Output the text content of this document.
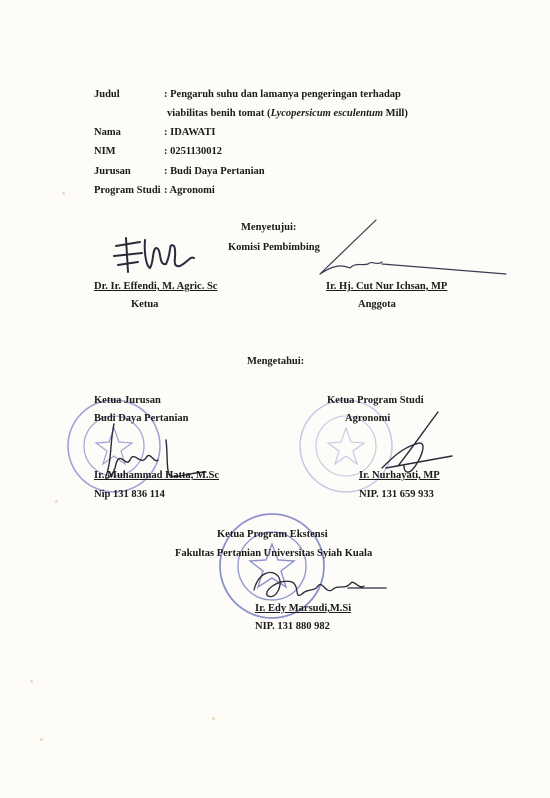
Judul	: Pengaruh suhu dan lamanya pengeringan terhadap
viabilitas benih tomat (Lycopersicum esculentum Mill)
Nama	: IDAWATI
NIM	: 0251130012
Jurusan	: Budi Daya Pertanian
Program Studi : Agronomi
Menyetujui:
Komisi Pembimbing
Dr. Ir. Effendi, M. Agric. Sc
Ketua
Ir. Hj. Cut Nur Ichsan, MP
Anggota
Mengetahui:
Ketua Jurusan
Budi Daya Pertanian
Ir. Muhammad Hatta, M.Sc
Nip 131 836 114
Ketua Program Studi
Agronomi
Ir. Nurhayati, MP
NIP. 131 659 933
Ketua Program Ekstensi
Fakultas Pertanian Universitas Syiah Kuala
Ir. Edy Marsudi,M.Si
NIP. 131 880 982
